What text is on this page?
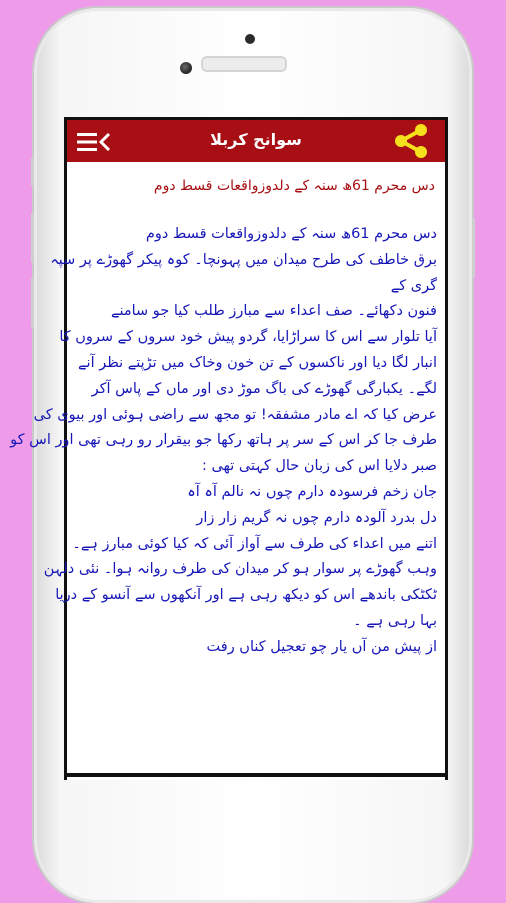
سوانح کربلا
دس محرم 61ھ سنہ کے دلدوزواقعات قسط دوم
دس محرم 61ھ سنہ کے دلدوزواقعات قسط دوم
برق خاطف کی طرح میدان میں پہونچا۔ کوہ پیکر گھوڑے پر سپہ
گری کے
فنون دکھائے۔ صف اعداء سے مبارز طلب کیا جو سامنے
آیا تلوار سے اس کا سراڑایا، گردو پیش خود سروں کے سروں کا
انبار لگا دیا اور ناکسوں کے تن خون وخاک میں تڑپتے نظر آنے
لگے۔ یکبارگی گھوڑے کی باگ موڑ دی اور ماں کے پاس آکر
عرض کیا کہ اے مادر مشفقہ! تو مجھ سے راضی ہوئی اور بیوی کی
طرف جا کر اس کے سر پر ہاتھ رکھا جو بیقرار رو رہی تھی اور اس کو
صبر دلایا اس کی زبان حال کہتی تھی :
جان زخم فرسودہ دارم چوں نہ نالم آہ آہ
دل بدرد آلودہ دارم چوں نہ گریم زار زار
اتنے میں اعداء کی طرف سے آواز آئی کہ کیا کوئی مبارز ہے۔
وہب گھوڑے پر سوار ہو کر میدان کی طرف روانہ ہوا۔ نئی دلہن
ٹکٹکی باندھے اس کو دیکھ رہی ہے اور آنکھوں سے آنسو کے دریا
بہا رہی ہے ۔
از پیش من آں یار چو تعجیل کناں رفت
